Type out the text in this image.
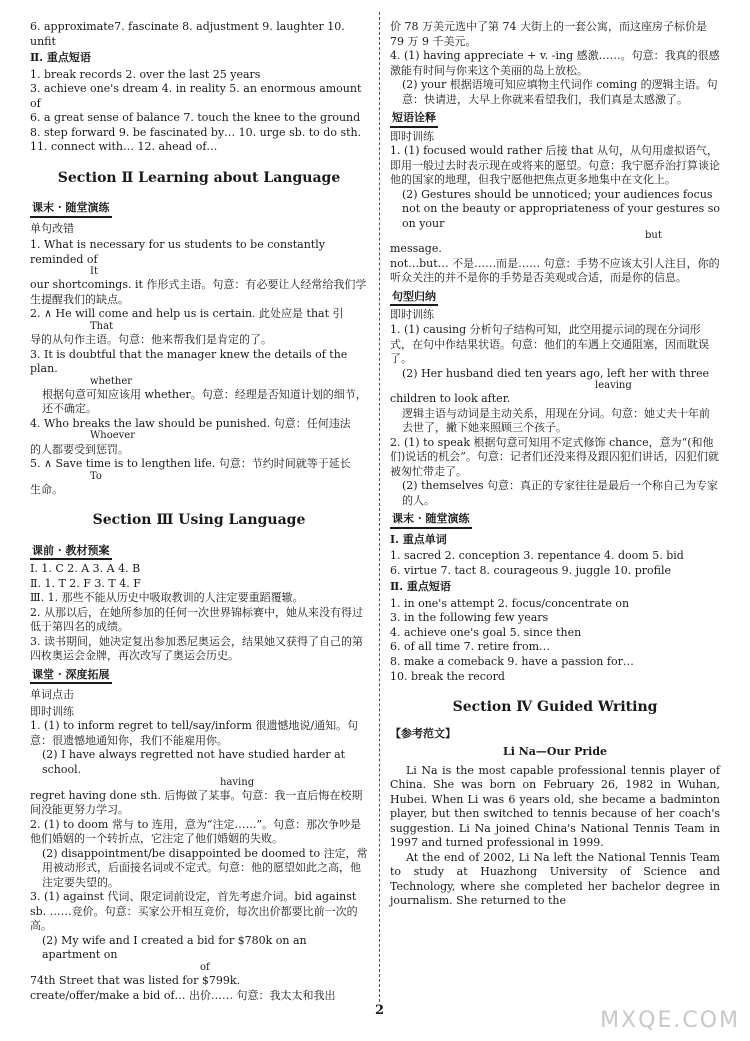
6. approximate7. fascinate 8. adjustment 9. laughter 10. unfit

Ⅱ. 重点短语

1. break records 2. over the last 25 years

3. achieve one's dream 4. in reality 5. an enormous amount of

6. a great sense of balance 7. touch the knee to the ground

8. step forward 9. be fascinated by… 10. urge sb. to do sth.

11. connect with… 12. ahead of…

Section Ⅱ Learning about Language
课末 · 随堂演练

单句改错

1. What is necessary for us students to be constantly reminded of

It

our shortcomings. it 作形式主语。句意：有必要让人经常给我们学生提醒我们的缺点。

2. ∧ He will come and help us is certain. 此处应是 that 引

That

导的从句作主语。句意：他来帮我们是肯定的了。

3. It is doubtful that the manager knew the details of the plan.

whether

根据句意可知应该用 whether。句意：经理是否知道计划的细节，还不确定。

4. Who breaks the law should be punished. 句意：任何违法

Whoever

的人都要受到惩罚。

5. ∧ Save time is to lengthen life. 句意：节约时间就等于延长

To

生命。

Section Ⅲ Using Language
课前 · 教材预案

Ⅰ. 1. C 2. A 3. A 4. B

Ⅱ. 1. T 2. F 3. T 4. F

Ⅲ. 1. 那些不能从历史中吸取教训的人注定要重蹈覆辙。

2. 从那以后，在她所参加的任何一次世界锦标赛中，她从来没有得过低于第四名的成绩。

3. 读书期间，她决定复出参加悉尼奥运会，结果她又获得了自己的第四枚奥运会金牌，再次改写了奥运会历史。

课堂 · 深度拓展

单词点击

即时训练

1. (1) to inform regret to tell/say/inform 很遗憾地说/通知。句意：很遗憾地通知你，我们不能雇用你。

(2) I have always regretted not have studied harder at school.

having

regret having done sth. 后悔做了某事。句意：我一直后悔在校期间没能更努力学习。

2. (1) to doom 常与 to 连用，意为“注定……”。句意：那次争吵是他们婚姻的一个转折点，它注定了他们婚姻的失败。

(2) disappointment/be disappointed be doomed to 注定，常用被动形式，后面接名词或不定式。句意：他的愿望如此之高，他注定要失望的。

3. (1) against 代词、限定词前设定，首先考虑介词。bid against sb. ……竞价。句意：买家公开相互竞价，每次出价都要比前一次的高。

(2) My wife and I created a bid for $780k on an apartment on

of

74th Street that was listed for $799k.

create/offer/make a bid of… 出价…… 句意：我太太和我出

价 78 万美元选中了第 74 大街上的一套公寓，而这座房子标价是 79 万 9 千美元。

4. (1) having appreciate + v. -ing 感激……。句意：我真的很感激能有时间与你来这个美丽的岛上放松。

(2) your 根据语境可知应填物主代词作 coming 的逻辑主语。句意：快请进，大早上你就来看望我们，我们真是太感激了。

短语诠释

即时训练

1. (1) focused would rather 后接 that 从句，从句用虚拟语气，即用一般过去时表示现在或将来的愿望。句意：我宁愿乔治打算谈论他的国家的地理，但我宁愿他把焦点更多地集中在文化上。

(2) Gestures should be unnoticed; your audiences focus not on the beauty or appropriateness of your gestures so on your

but

message.

not…but… 不是……而是…… 句意：手势不应该太引人注目，你的听众关注的并不是你的手势是否美观或合适，而是你的信息。

句型归纳

即时训练

1. (1) causing 分析句子结构可知，此空用提示词的现在分词形式，在句中作结果状语。句意：他们的车遇上交通阻塞，因而耽误了。

(2) Her husband died ten years ago, left her with three

leaving

children to look after.

逻辑主语与动词是主动关系，用现在分词。句意：她丈夫十年前去世了，撇下她来照顾三个孩子。

2. (1) to speak 根据句意可知用不定式修饰 chance，意为“(和他们)说话的机会”。句意：记者们还没来得及跟囚犯们讲话，囚犯们就被匆忙带走了。

(2) themselves 句意：真正的专家往往是最后一个称自己为专家的人。

课末 · 随堂演练

Ⅰ. 重点单词

1. sacred 2. conception 3. repentance 4. doom 5. bid

6. virtue 7. tact 8. courageous 9. juggle 10. profile

Ⅱ. 重点短语

1. in one's attempt 2. focus/concentrate on

3. in the following few years

4. achieve one's goal 5. since then

6. of all time 7. retire from…

8. make a comeback 9. have a passion for…

10. break the record

Section Ⅳ Guided Writing

【参考范文】

Li Na—Our Pride

Li Na is the most capable professional tennis player of China. She was born on February 26, 1982 in Wuhan, Hubei. When Li was 6 years old, she became a badminton player, but then switched to tennis because of her coach's suggestion. Li Na joined China's National Tennis Team in 1997 and turned professional in 1999.

At the end of 2002, Li Na left the National Tennis Team to study at Huazhong University of Science and Technology, where she completed her bachelor degree in journalism. She returned to the

2	MXQE.COM
